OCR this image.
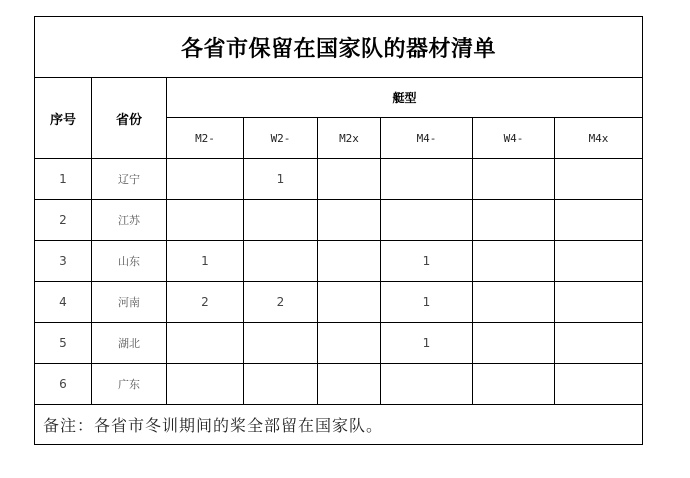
各省市保留在国家队的器材清单							
序号	省份	艇型					
		M2-	W2-	M2x	M4-	W4-	M4x
1	辽宁		1				
2	江苏						
3	山东	1			1		
4	河南	2	2		1		
5	湖北				1		
6	广东						
备注：各省市冬训期间的桨全部留在国家队。							
